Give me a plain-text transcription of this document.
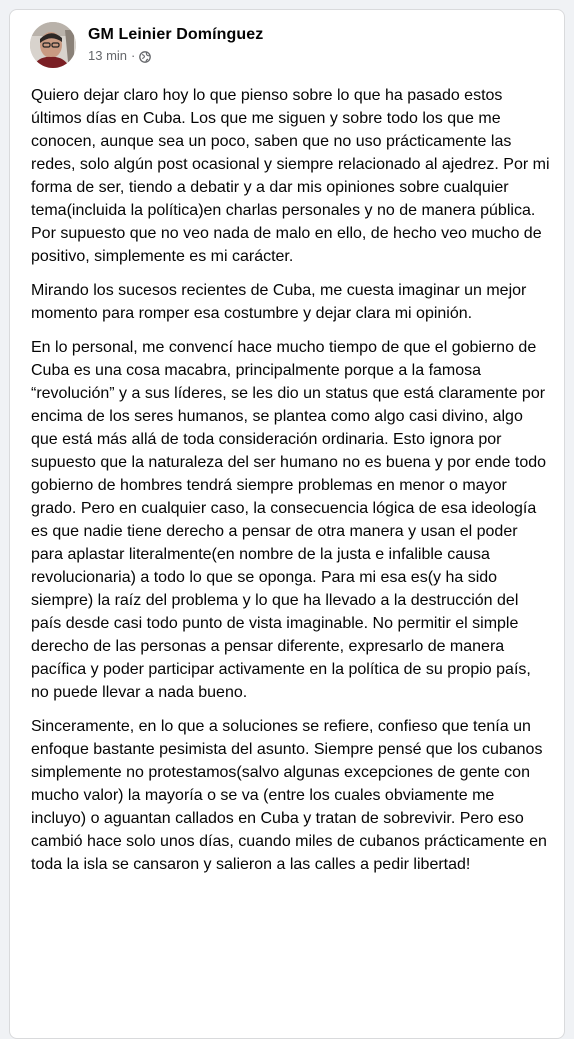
GM Leinier Domínguez
13 min ·

Quiero dejar claro hoy lo que pienso sobre lo que ha pasado estos últimos días en Cuba. Los que me siguen y sobre todo los que me conocen, aunque sea un poco, saben que no uso prácticamente las redes, solo algún post ocasional y siempre relacionado al ajedrez. Por mi forma de ser, tiendo a debatir y a dar mis opiniones sobre cualquier tema(incluida la política)en charlas personales y no de manera pública. Por supuesto que no veo nada de malo en ello, de hecho veo mucho de positivo, simplemente es mi carácter.

Mirando los sucesos recientes de Cuba, me cuesta imaginar un mejor momento para romper esa costumbre y dejar clara mi opinión.

En lo personal, me convencí hace mucho tiempo de que el gobierno de Cuba es una cosa macabra, principalmente porque a la famosa “revolución” y a sus líderes, se les dio un status que está claramente por encima de los seres humanos, se plantea como algo casi divino, algo que está más allá de toda consideración ordinaria. Esto ignora por supuesto que la naturaleza del ser humano no es buena y por ende todo gobierno de hombres tendrá siempre problemas en menor o mayor grado. Pero en cualquier caso, la consecuencia lógica de esa ideología es que nadie tiene derecho a pensar de otra manera y usan el poder para aplastar literalmente(en nombre de la justa e infalible causa revolucionaria) a todo lo que se oponga. Para mi esa es(y ha sido siempre) la raíz del problema y lo que ha llevado a la destrucción del país desde casi todo punto de vista imaginable. No permitir el simple derecho de las personas a pensar diferente, expresarlo de manera pacífica y poder participar activamente en la política de su propio país, no puede llevar a nada bueno.

Sinceramente, en lo que a soluciones se refiere, confieso que tenía un enfoque bastante pesimista del asunto. Siempre pensé que los cubanos simplemente no protestamos(salvo algunas excepciones de gente con mucho valor) la mayoría o se va (entre los cuales obviamente me incluyo) o aguantan callados en Cuba y tratan de sobrevivir. Pero eso cambió hace solo unos días, cuando miles de cubanos prácticamente en toda la isla se cansaron y salieron a las calles a pedir libertad!
